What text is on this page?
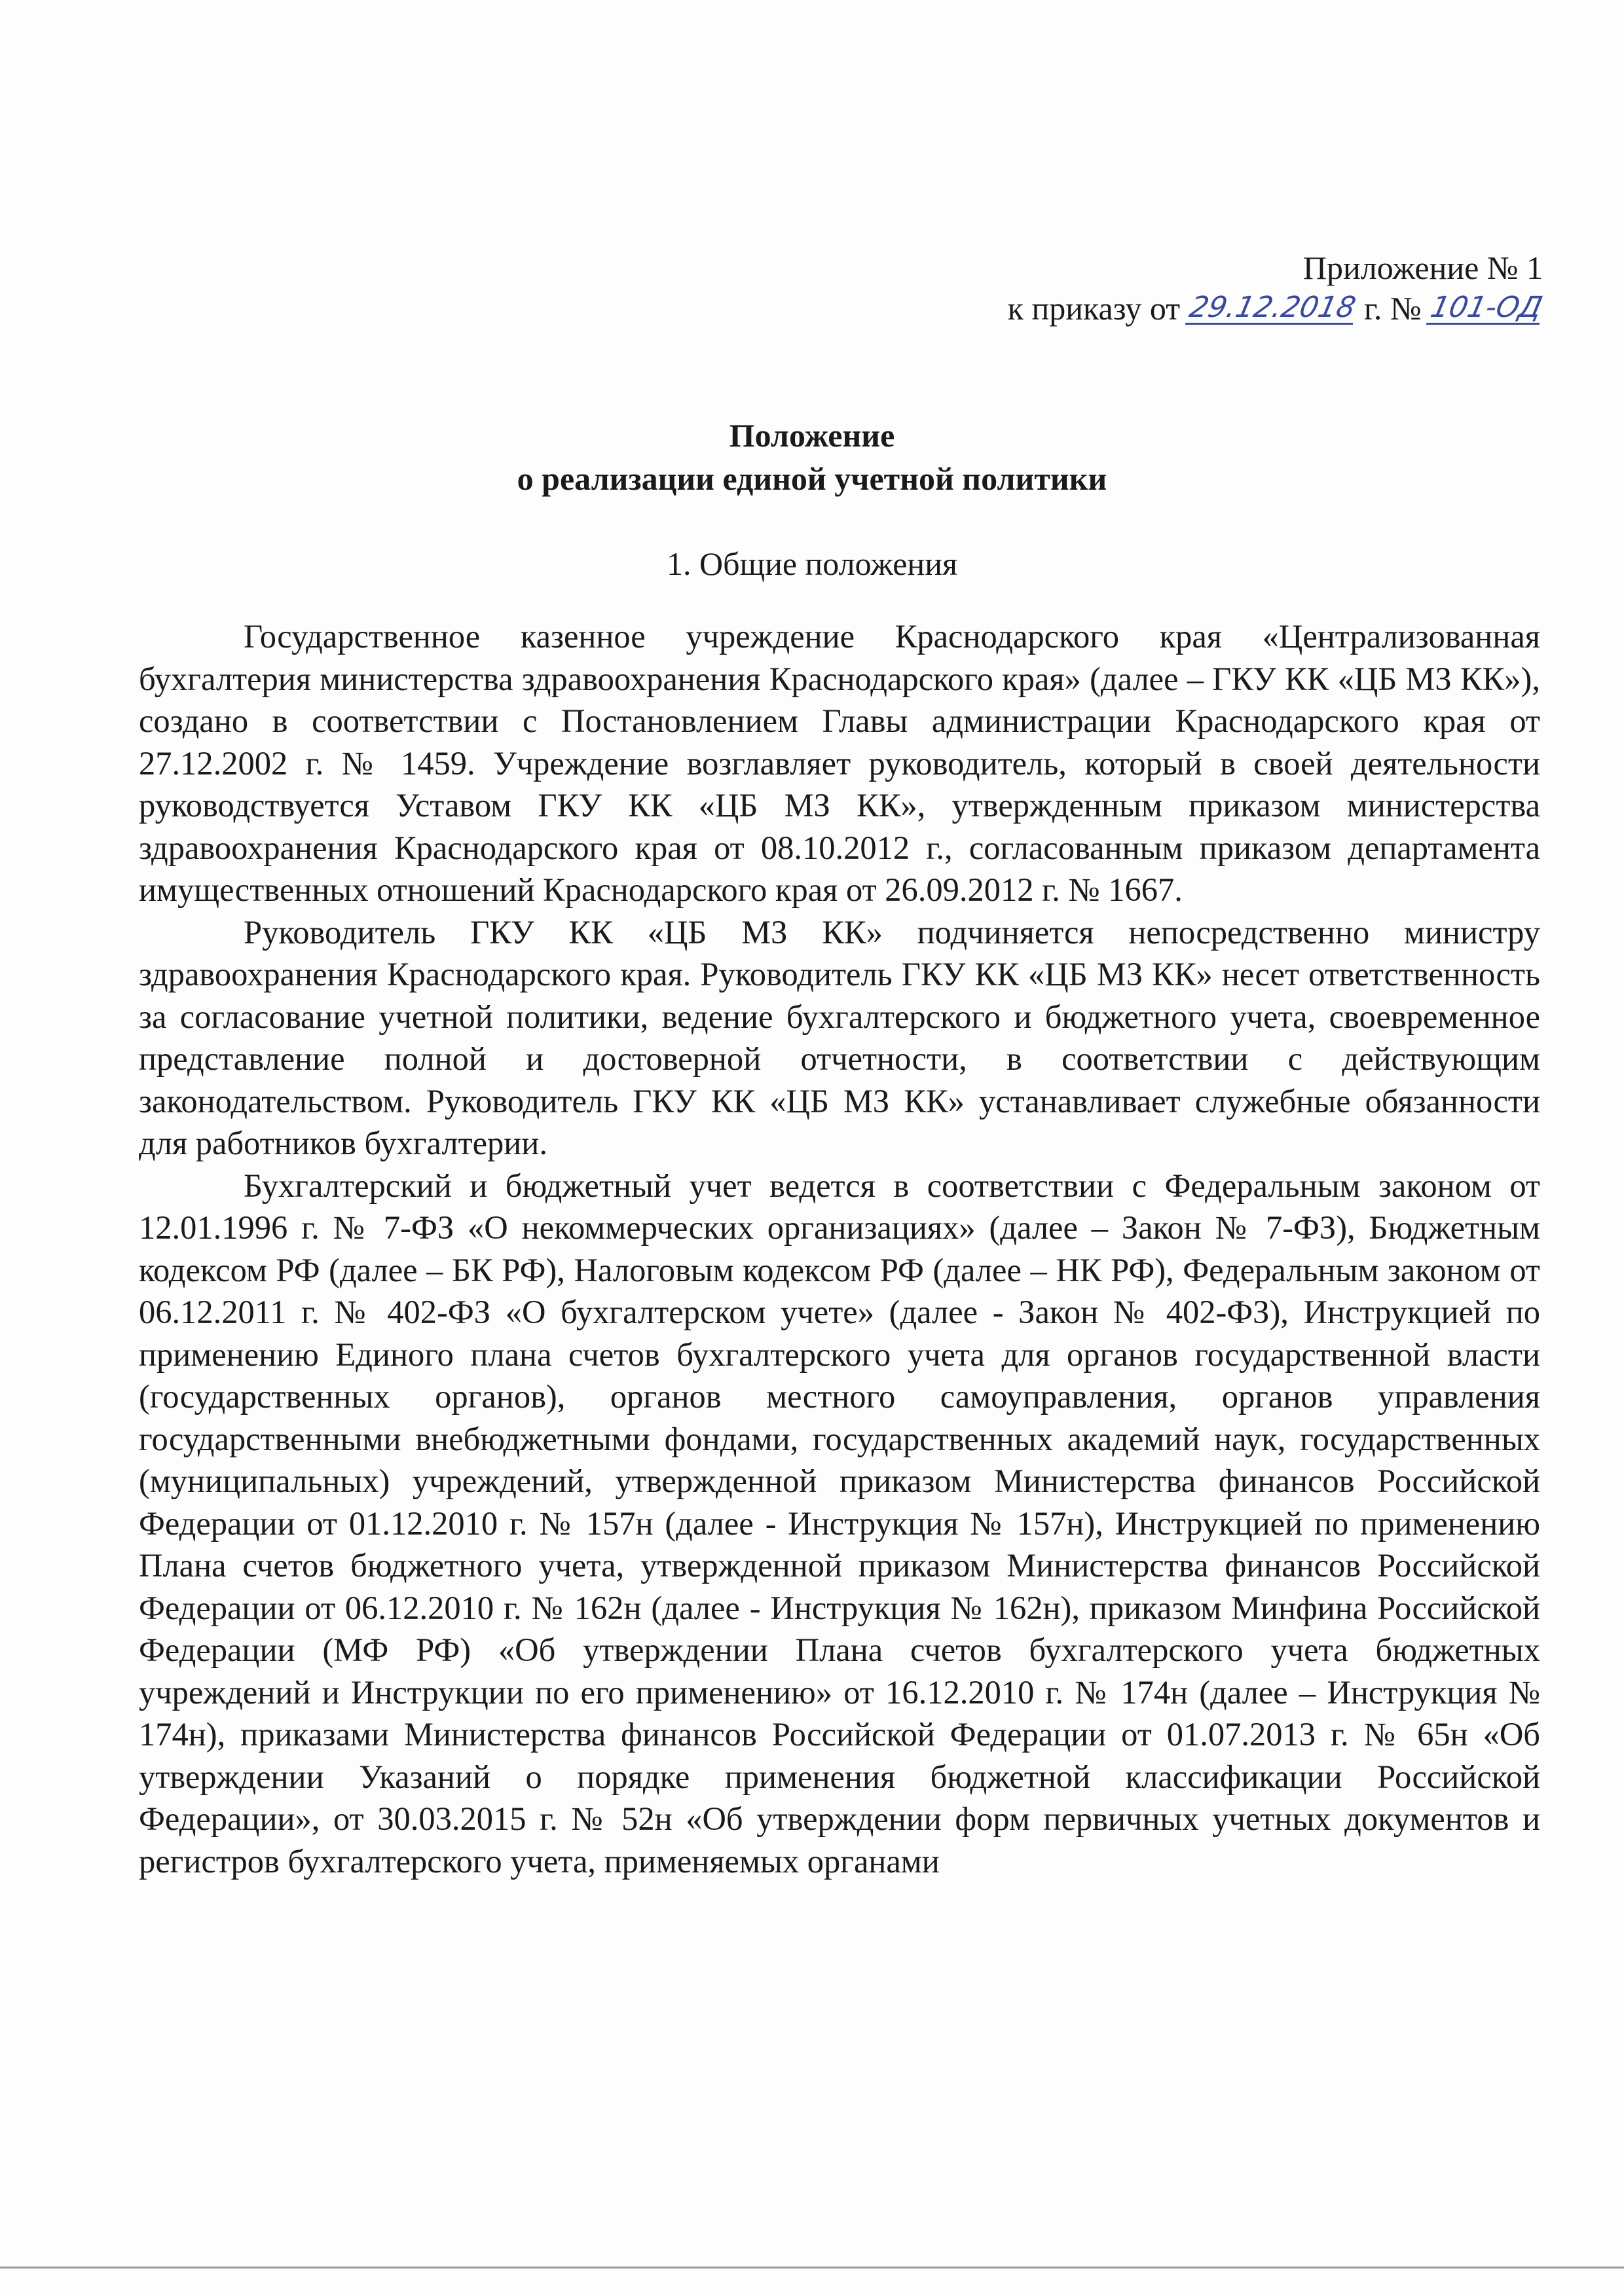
Приложение № 1
к приказу от 29.12.2018 г. № 101-ОД
Положение
о реализации единой учетной политики
1. Общие положения

Государственное казенное учреждение Краснодарского края «Централизованная бухгалтерия министерства здравоохранения Краснодарского края» (далее – ГКУ КК «ЦБ МЗ КК»), создано в соответствии с Постановлением Главы администрации Краснодарского края от 27.12.2002 г. № 1459. Учреждение возглавляет руководитель, который в своей деятельности руководствуется Уставом ГКУ КК «ЦБ МЗ КК», утвержденным приказом министерства здравоохранения Краснодарского края от 08.10.2012 г., согласованным приказом департамента имущественных отношений Краснодарского края от 26.09.2012 г. № 1667.

Руководитель ГКУ КК «ЦБ МЗ КК» подчиняется непосредственно министру здравоохранения Краснодарского края. Руководитель ГКУ КК «ЦБ МЗ КК» несет ответственность за согласование учетной политики, ведение бухгалтерского и бюджетного учета, своевременное представление полной и достоверной отчетности, в соответствии с действующим законодательством. Руководитель ГКУ КК «ЦБ МЗ КК» устанавливает служебные обязанности для работников бухгалтерии.

Бухгалтерский и бюджетный учет ведется в соответствии с Федеральным законом от 12.01.1996 г. № 7-ФЗ «О некоммерческих организациях» (далее – Закон № 7-ФЗ), Бюджетным кодексом РФ (далее – БК РФ), Налоговым кодексом РФ (далее – НК РФ), Федеральным законом от 06.12.2011 г. № 402-ФЗ «О бухгалтерском учете» (далее - Закон № 402-ФЗ), Инструкцией по применению Единого плана счетов бухгалтерского учета для органов государственной власти (государственных органов), органов местного самоуправления, органов управления государственными внебюджетными фондами, государственных академий наук, государственных (муниципальных) учреждений, утвержденной приказом Министерства финансов Российской Федерации от 01.12.2010 г. № 157н (далее - Инструкция № 157н), Инструкцией по применению Плана счетов бюджетного учета, утвержденной приказом Министерства финансов Российской Федерации от 06.12.2010 г. № 162н (далее - Инструкция № 162н), приказом Минфина Российской Федерации (МФ РФ) «Об утверждении Плана счетов бухгалтерского учета бюджетных учреждений и Инструкции по его применению» от 16.12.2010 г. № 174н (далее – Инструкция № 174н), приказами Министерства финансов Российской Федерации от 01.07.2013 г. № 65н «Об утверждении Указаний о порядке применения бюджетной классификации Российской Федерации», от 30.03.2015 г. № 52н «Об утверждении форм первичных учетных документов и регистров бухгалтерского учета, применяемых органами
